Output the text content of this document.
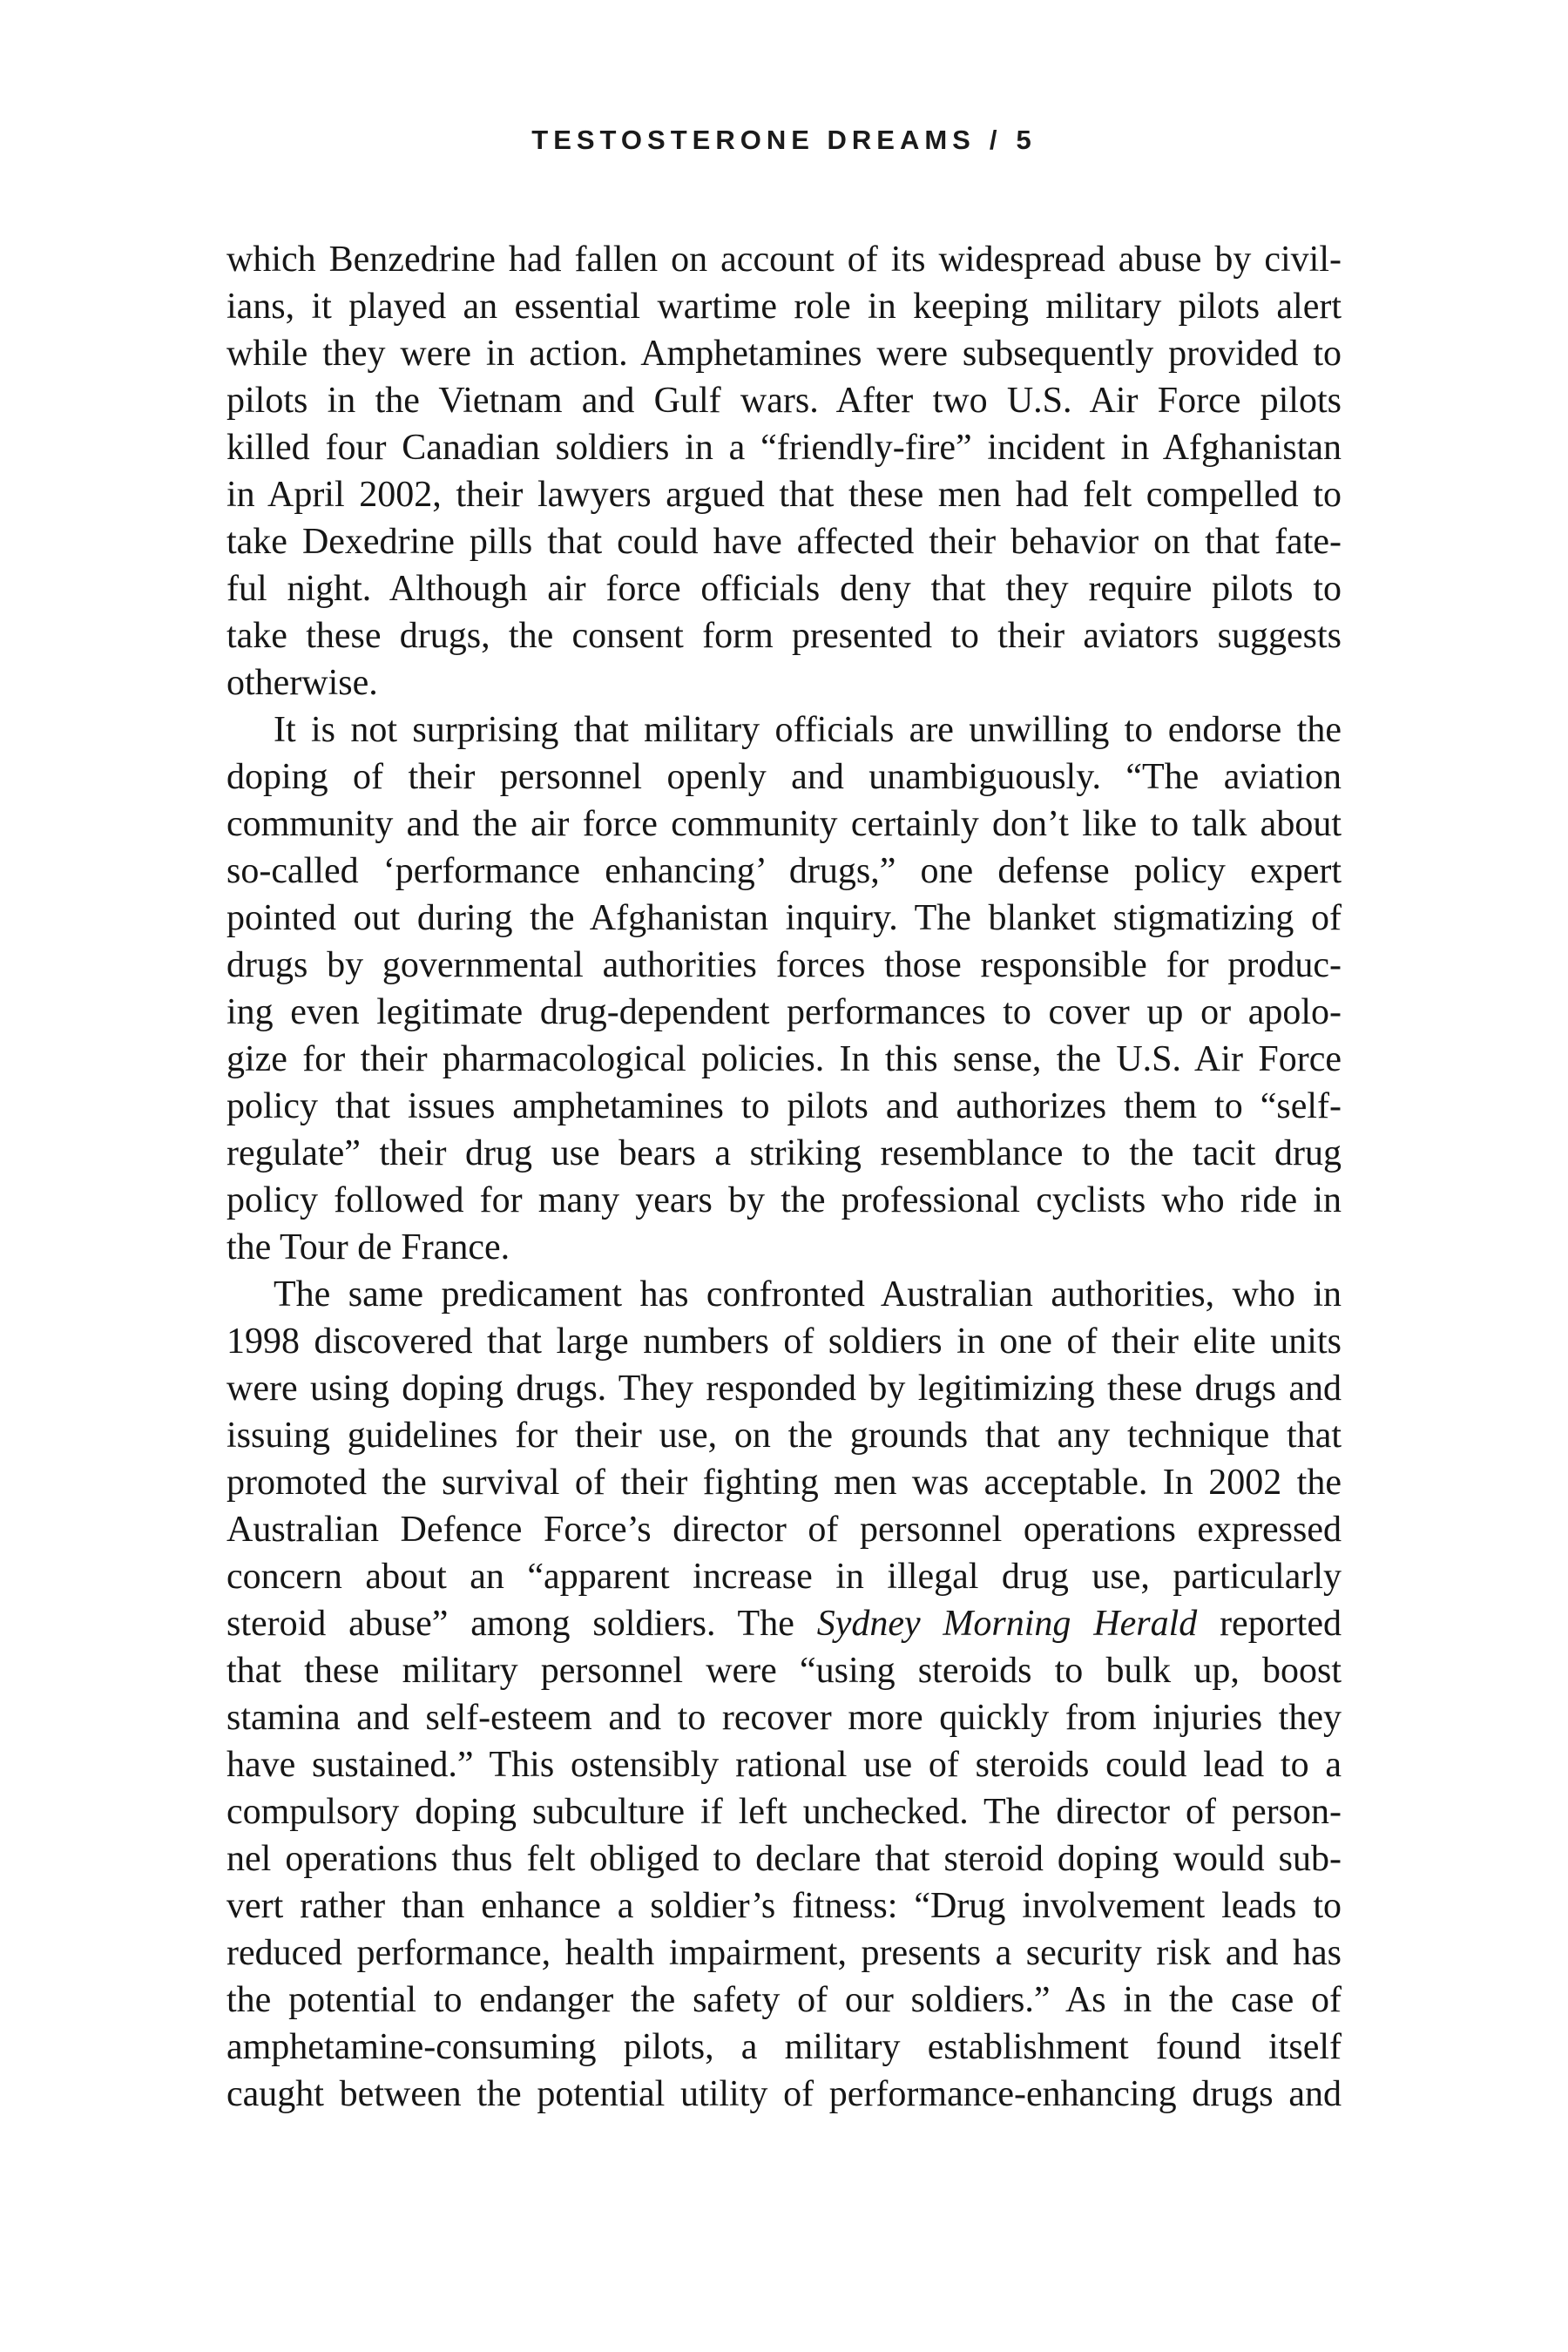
TESTOSTERONE DREAMS / 5
which Benzedrine had fallen on account of its widespread abuse by civil-
ians, it played an essential wartime role in keeping military pilots alert
while they were in action. Amphetamines were subsequently provided to
pilots in the Vietnam and Gulf wars. After two U.S. Air Force pilots
killed four Canadian soldiers in a “friendly-fire” incident in Afghanistan
in April 2002, their lawyers argued that these men had felt compelled to
take Dexedrine pills that could have affected their behavior on that fate-
ful night. Although air force officials deny that they require pilots to
take these drugs, the consent form presented to their aviators suggests
otherwise.
It is not surprising that military officials are unwilling to endorse the
doping of their personnel openly and unambiguously. “The aviation
community and the air force community certainly don’t like to talk about
so-called ‘performance enhancing’ drugs,” one defense policy expert
pointed out during the Afghanistan inquiry. The blanket stigmatizing of
drugs by governmental authorities forces those responsible for produc-
ing even legitimate drug-dependent performances to cover up or apolo-
gize for their pharmacological policies. In this sense, the U.S. Air Force
policy that issues amphetamines to pilots and authorizes them to “self-
regulate” their drug use bears a striking resemblance to the tacit drug
policy followed for many years by the professional cyclists who ride in
the Tour de France.
The same predicament has confronted Australian authorities, who in
1998 discovered that large numbers of soldiers in one of their elite units
were using doping drugs. They responded by legitimizing these drugs and
issuing guidelines for their use, on the grounds that any technique that
promoted the survival of their fighting men was acceptable. In 2002 the
Australian Defence Force’s director of personnel operations expressed
concern about an “apparent increase in illegal drug use, particularly
steroid abuse” among soldiers. The Sydney Morning Herald reported
that these military personnel were “using steroids to bulk up, boost
stamina and self-esteem and to recover more quickly from injuries they
have sustained.” This ostensibly rational use of steroids could lead to a
compulsory doping subculture if left unchecked. The director of person-
nel operations thus felt obliged to declare that steroid doping would sub-
vert rather than enhance a soldier’s fitness: “Drug involvement leads to
reduced performance, health impairment, presents a security risk and has
the potential to endanger the safety of our soldiers.” As in the case of
amphetamine-consuming pilots, a military establishment found itself
caught between the potential utility of performance-enhancing drugs and
